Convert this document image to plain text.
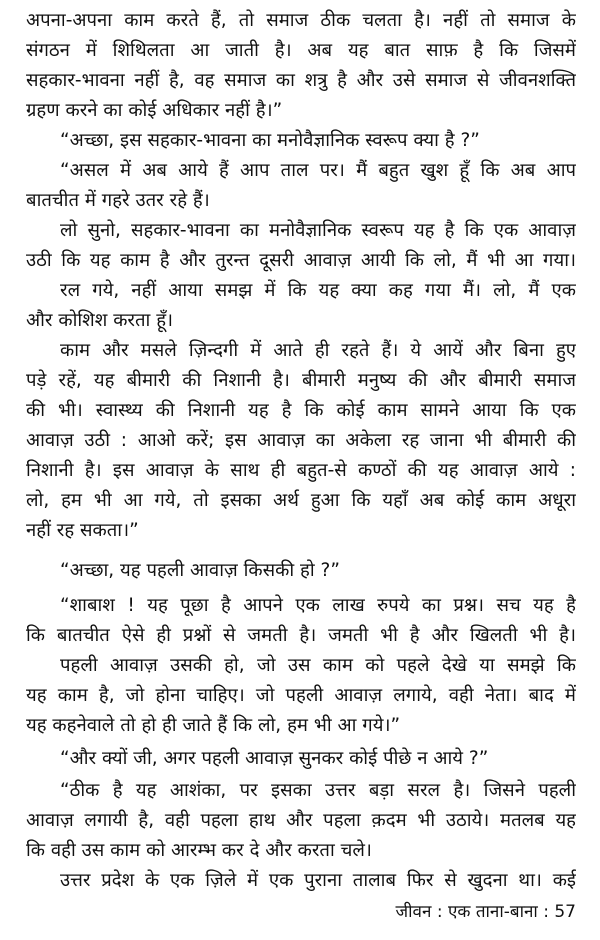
अपना-अपना काम करते हैं, तो समाज ठीक चलता है। नहीं तो समाज के
संगठन में शिथिलता आ जाती है। अब यह बात साफ़ है कि जिसमें
सहकार-भावना नहीं है, वह समाज का शत्रु है और उसे समाज से जीवनशक्ति
ग्रहण करने का कोई अधिकार नहीं है।”
“अच्छा, इस सहकार-भावना का मनोवैज्ञानिक स्वरूप क्या है ?”
“असल में अब आये हैं आप ताल पर। मैं बहुत खुश हूँ कि अब आप
बातचीत में गहरे उतर रहे हैं।
लो सुनो, सहकार-भावना का मनोवैज्ञानिक स्वरूप यह है कि एक आवाज़
उठी कि यह काम है और तुरन्त दूसरी आवाज़ आयी कि लो, मैं भी आ गया।
रल गये, नहीं आया समझ में कि यह क्या कह गया मैं। लो, मैं एक
और कोशिश करता हूँ।
काम और मसले ज़िन्दगी में आते ही रहते हैं। ये आयें और बिना हुए
पड़े रहें, यह बीमारी की निशानी है। बीमारी मनुष्य की और बीमारी समाज
की भी। स्वास्थ्य की निशानी यह है कि कोई काम सामने आया कि एक
आवाज़ उठी : आओ करें; इस आवाज़ का अकेला रह जाना भी बीमारी की
निशानी है। इस आवाज़ के साथ ही बहुत-से कण्ठों की यह आवाज़ आये :
लो, हम भी आ गये, तो इसका अर्थ हुआ कि यहाँ अब कोई काम अधूरा
नहीं रह सकता।”
“अच्छा, यह पहली आवाज़ किसकी हो ?”
“शाबाश ! यह पूछा है आपने एक लाख रुपये का प्रश्न। सच यह है
कि बातचीत ऐसे ही प्रश्नों से जमती है। जमती भी है और खिलती भी है।
पहली आवाज़ उसकी हो, जो उस काम को पहले देखे या समझे कि
यह काम है, जो होना चाहिए। जो पहली आवाज़ लगाये, वही नेता। बाद में
यह कहनेवाले तो हो ही जाते हैं कि लो, हम भी आ गये।”
“और क्यों जी, अगर पहली आवाज़ सुनकर कोई पीछे न आये ?”
“ठीक है यह आशंका, पर इसका उत्तर बड़ा सरल है। जिसने पहली
आवाज़ लगायी है, वही पहला हाथ और पहला क़दम भी उठाये। मतलब यह
कि वही उस काम को आरम्भ कर दे और करता चले।
उत्तर प्रदेश के एक ज़िले में एक पुराना तालाब फिर से खुदना था। कई
जीवन : एक ताना-बाना : 57
